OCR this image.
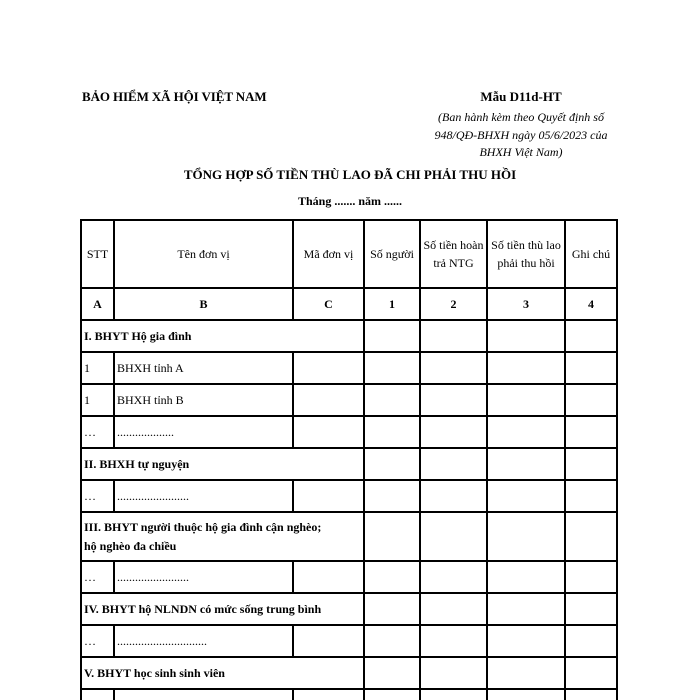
BẢO HIỂM XÃ HỘI VIỆT NAM	Mẫu D11d-HT
(Ban hành kèm theo Quyết định số
948/QĐ-BHXH ngày 05/6/2023 của
BHXH Việt Nam)
TỔNG HỢP SỐ TIỀN THÙ LAO ĐÃ CHI PHẢI THU HỒI
Tháng ....... năm ......
STT	Tên đơn vị	Mã đơn vị	Số người	Số tiền hoàn trả NTG	Số tiền thù lao phải thu hồi	Ghi chú
A	B	C	1	2	3	4
I. BHYT Hộ gia đình						
1	BHXH tỉnh A					
1	BHXH tỉnh B					
…	...................					
II. BHXH tự nguyện						
…	........................					

III. BHYT người thuộc hộ gia đình cận nghèo;
hộ nghèo đa chiều						

…	........................					
IV. BHYT hộ NLNDN có mức sống trung bình						
…	..............................					
V. BHYT học sinh sinh viên						
